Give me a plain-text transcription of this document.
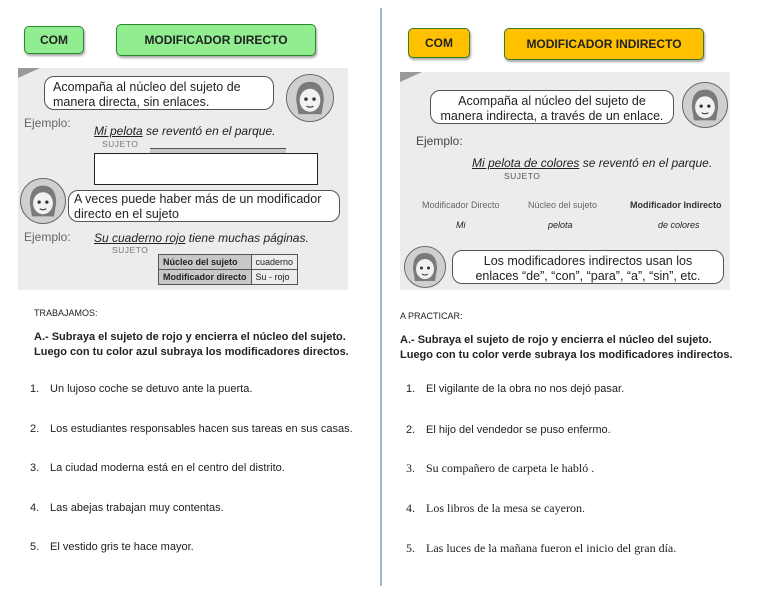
COM	MODIFICADOR DIRECTO
Acompaña al núcleo del sujeto de manera directa, sin enlaces.
Ejemplo:
Mi pelota se reventó en el parque.
SUJETO
A veces puede haber más de un modificador directo en el sujeto
Ejemplo: Su cuaderno rojo tiene muchas páginas.
SUJETO
Núcleo del sujeto	cuaderno
Modificador directo	Su - rojo
TRABAJAMOS:
A.- Subraya el sujeto de rojo y encierra el núcleo del sujeto. Luego con tu color azul subraya los modificadores directos.
1. Un lujoso coche se detuvo ante la puerta.
2. Los estudiantes responsables hacen sus tareas en sus casas.
3. La ciudad moderna está en el centro del distrito.
4. Las abejas trabajan muy contentas.
5. El vestido gris te hace mayor.
COM	MODIFICADOR INDIRECTO
Acompaña al núcleo del sujeto de manera indirecta, a través de un enlace.
Ejemplo:
Mi pelota de colores se reventó en el parque.
SUJETO
Modificador Directo	Núcleo del sujeto	Modificador Indirecto
Mi	pelota	de colores
Los modificadores indirectos usan los enlaces “de”, “con”, “para”, “a”, “sin”, etc.
A PRACTICAR:
A.- Subraya el sujeto de rojo y encierra el núcleo del sujeto. Luego con tu color verde subraya los modificadores indirectos.
1. El vigilante de la obra no nos dejó pasar.
2. El hijo del vendedor se puso enfermo.
3. Su compañero de carpeta le habló .
4. Los libros de la mesa se cayeron.
5. Las luces de la mañana fueron el inicio del gran día.
